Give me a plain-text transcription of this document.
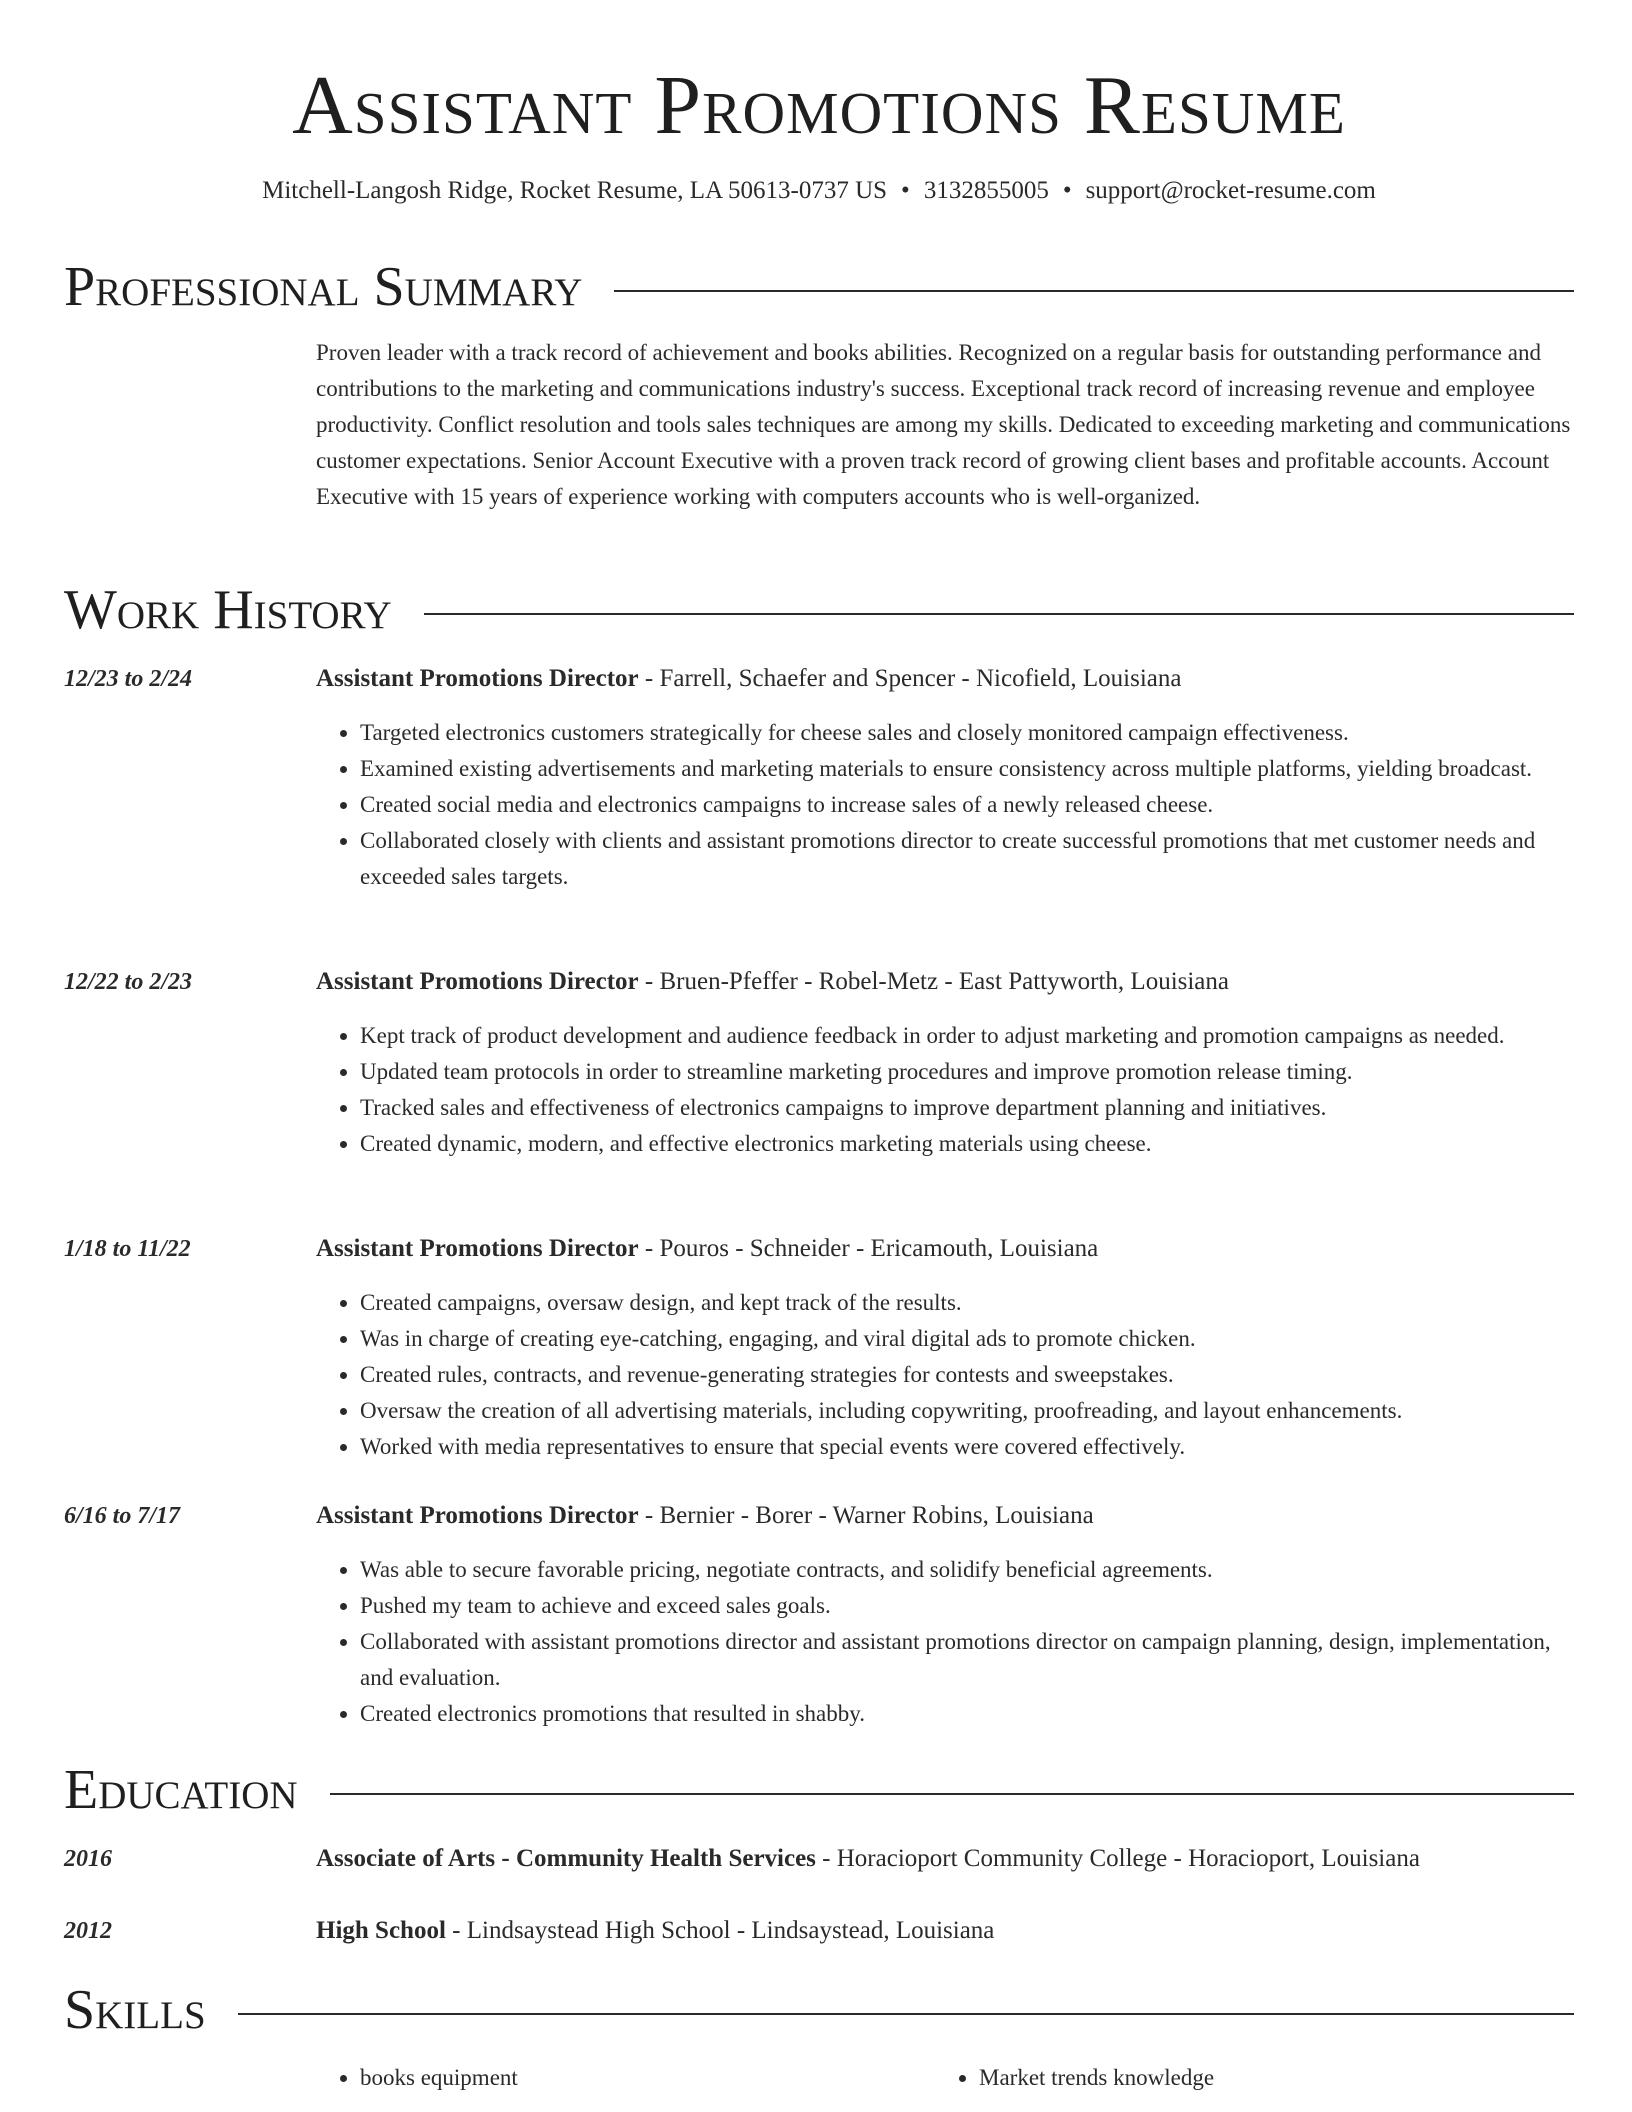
Assistant Promotions Resume
Mitchell-Langosh Ridge, Rocket Resume, LA 50613-0737 US • 3132855005 • support@rocket-resume.com
Professional Summary

Proven leader with a track record of achievement and books abilities. Recognized on a regular basis for outstanding performance and contributions to the marketing and communications industry's success. Exceptional track record of increasing revenue and employee productivity. Conflict resolution and tools sales techniques are among my skills. Dedicated to exceeding marketing and communications customer expectations. Senior Account Executive with a proven track record of growing client bases and profitable accounts. Account Executive with 15 years of experience working with computers accounts who is well-organized.

Work History
12/23 to 2/24	Assistant Promotions Director - Farrell, Schaefer and Spencer - Nicofield, Louisiana

• Targeted electronics customers strategically for cheese sales and closely monitored campaign effectiveness.
• Examined existing advertisements and marketing materials to ensure consistency across multiple platforms, yielding broadcast.
• Created social media and electronics campaigns to increase sales of a newly released cheese.
• Collaborated closely with clients and assistant promotions director to create successful promotions that met customer needs and exceeded sales targets.
12/22 to 2/23	Assistant Promotions Director - Bruen-Pfeffer - Robel-Metz - East Pattyworth, Louisiana

• Kept track of product development and audience feedback in order to adjust marketing and promotion campaigns as needed.
• Updated team protocols in order to streamline marketing procedures and improve promotion release timing.
• Tracked sales and effectiveness of electronics campaigns to improve department planning and initiatives.
• Created dynamic, modern, and effective electronics marketing materials using cheese.
1/18 to 11/22	Assistant Promotions Director - Pouros - Schneider - Ericamouth, Louisiana

• Created campaigns, oversaw design, and kept track of the results.
• Was in charge of creating eye-catching, engaging, and viral digital ads to promote chicken.
• Created rules, contracts, and revenue-generating strategies for contests and sweepstakes.
• Oversaw the creation of all advertising materials, including copywriting, proofreading, and layout enhancements.
• Worked with media representatives to ensure that special events were covered effectively.
6/16 to 7/17	Assistant Promotions Director - Bernier - Borer - Warner Robins, Louisiana

• Was able to secure favorable pricing, negotiate contracts, and solidify beneficial agreements.
• Pushed my team to achieve and exceed sales goals.
• Collaborated with assistant promotions director and assistant promotions director on campaign planning, design, implementation, and evaluation.
• Created electronics promotions that resulted in shabby.
Education
2016	Associate of Arts - Community Health Services - Horacioport Community College - Horacioport, Louisiana

2012	High School - Lindsaystead High School - Lindsaystead, Louisiana

Skills
• books equipment
•	Market trends knowledge
